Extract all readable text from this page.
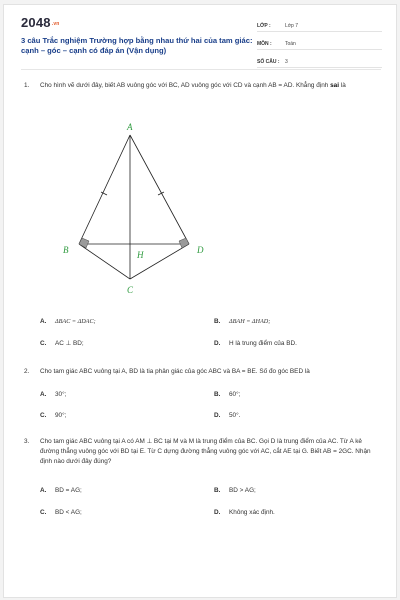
2048.vn
3 câu Trắc nghiệm Trường hợp bằng nhau thứ hai của tam giác: cạnh – góc – cạnh có đáp án (Vận dụng)
LỚP :	Lớp 7
MÔN :	Toán
SỐ CÂU :	3
1.	Cho hình vẽ dưới đây, biết AB vuông góc với BC, AD vuông góc với CD và cạnh AB = AD. Khẳng định sai là
A
B	H	D
C
A. ΔBAC = ΔDAC;	B. ΔBAH = ΔHAD;
C. AC ⊥ BD;	D. H là trung điểm của BD.
2.	Cho tam giác ABC vuông tại A, BD là tia phân giác của góc ABC và BA = BE. Số đo góc BED là
A. 30°;	B. 60°;
C. 90°;	D. 50°.
3.	Cho tam giác ABC vuông tại A có AM ⊥ BC tại M và M là trung điểm của BC. Gọi D là trung điểm của AC. Từ A kẻ đường thẳng vuông góc với BD tại E. Từ C dựng đường thẳng vuông góc với AC, cắt AE tại G. Biết AB = 2GC. Nhận định nào dưới đây đúng?
A. BD = AG;	B. BD > AG;
C. BD < AG;	D. Không xác định.
